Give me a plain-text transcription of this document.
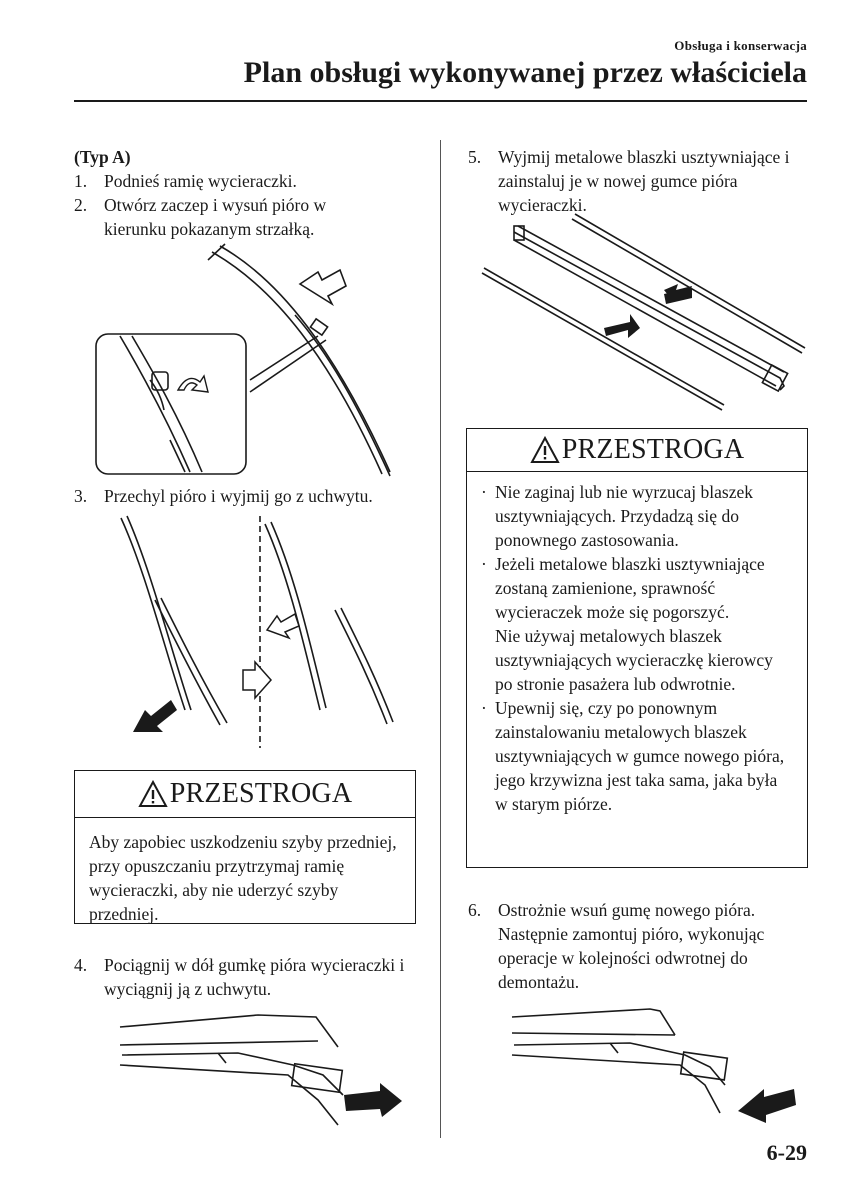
Obsługa i konserwacja
Plan obsługi wykonywanej przez właściciela
(Typ A)
1. Podnieś ramię wycieraczki.
2. Otwórz zaczep i wysuń pióro w kierunku pokazanym strzałką.
3. Przechyl pióro i wyjmij go z uchwytu.
PRZESTROGA
Aby zapobiec uszkodzeniu szyby przedniej, przy opuszczaniu przytrzymaj ramię wycieraczki, aby nie uderzyć szyby przedniej.
4. Pociągnij w dół gumkę pióra wycieraczki i wyciągnij ją z uchwytu.
5. Wyjmij metalowe blaszki usztywniające i zainstaluj je w nowej gumce pióra wycieraczki.
PRZESTROGA
· Nie zaginaj lub nie wyrzucaj blaszek usztywniających. Przydadzą się do ponownego zastosowania.
· Jeżeli metalowe blaszki usztywniające zostaną zamienione, sprawność wycieraczek może się pogorszyć.
Nie używaj metalowych blaszek usztywniających wycieraczkę kierowcy po stronie pasażera lub odwrotnie.
· Upewnij się, czy po ponownym zainstalowaniu metalowych blaszek usztywniających w gumce nowego pióra, jego krzywizna jest taka sama, jaka była w starym piórze.
6. Ostrożnie wsuń gumę nowego pióra. Następnie zamontuj pióro, wykonując operacje w kolejności odwrotnej do demontażu.
6-29
